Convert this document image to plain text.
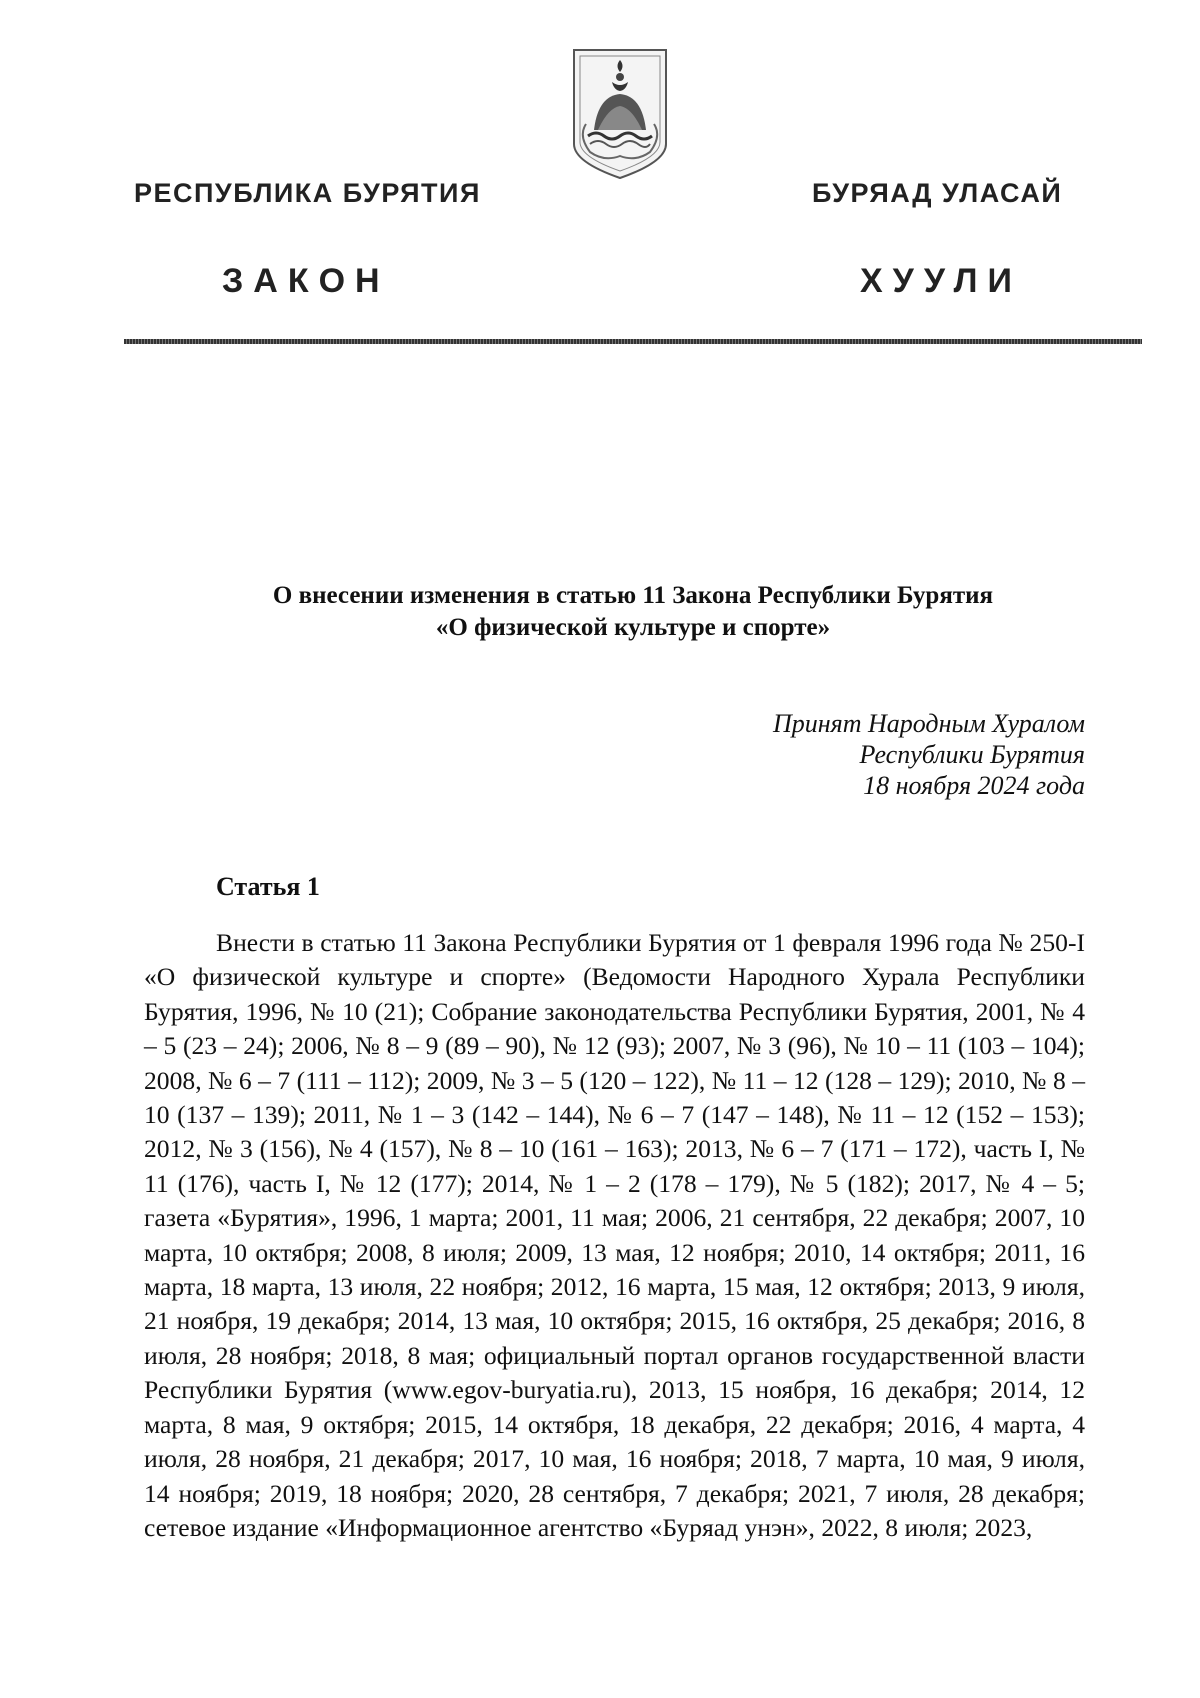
РЕСПУБЛИКА БУРЯТИЯ	БУРЯАД УЛАСАЙ
ЗАКОН	ХУУЛИ
О внесении изменения в статью 11 Закона Республики Бурятия
«О физической культуре и спорте»
Принят Народным Хуралом
Республики Бурятия
18 ноября 2024 года
Статья 1
Внести в статью 11 Закона Республики Бурятия от 1 февраля 1996 года № 250-I «О физической культуре и спорте» (Ведомости Народного Хурала Республики Бурятия, 1996, № 10 (21); Собрание законодательства Республики Бурятия, 2001, № 4 – 5 (23 – 24); 2006, № 8 – 9 (89 – 90), № 12 (93); 2007, № 3 (96), № 10 – 11 (103 – 104); 2008, № 6 – 7 (111 – 112); 2009, № 3 – 5 (120 – 122), № 11 – 12 (128 – 129); 2010, № 8 – 10 (137 – 139); 2011, № 1 – 3 (142 – 144), № 6 – 7 (147 – 148), № 11 – 12 (152 – 153); 2012, № 3 (156), № 4 (157), № 8 – 10 (161 – 163); 2013, № 6 – 7 (171 – 172), часть I, № 11 (176), часть I, № 12 (177); 2014, № 1 – 2 (178 – 179), № 5 (182); 2017, № 4 – 5; газета «Бурятия», 1996, 1 марта; 2001, 11 мая; 2006, 21 сентября, 22 декабря; 2007, 10 марта, 10 октября; 2008, 8 июля; 2009, 13 мая, 12 ноября; 2010, 14 октября; 2011, 16 марта, 18 марта, 13 июля, 22 ноября; 2012, 16 марта, 15 мая, 12 октября; 2013, 9 июля, 21 ноября, 19 декабря; 2014, 13 мая, 10 октября; 2015, 16 октября, 25 декабря; 2016, 8 июля, 28 ноября; 2018, 8 мая; официальный портал органов государственной власти Республики Бурятия (www.egov-buryatia.ru), 2013, 15 ноября, 16 декабря; 2014, 12 марта, 8 мая, 9 октября; 2015, 14 октября, 18 декабря, 22 декабря; 2016, 4 марта, 4 июля, 28 ноября, 21 декабря; 2017, 10 мая, 16 ноября; 2018, 7 марта, 10 мая, 9 июля, 14 ноября; 2019, 18 ноября; 2020, 28 сентября, 7 декабря; 2021, 7 июля, 28 декабря; сетевое издание «Информационное агентство «Буряад унэн», 2022, 8 июля; 2023,
